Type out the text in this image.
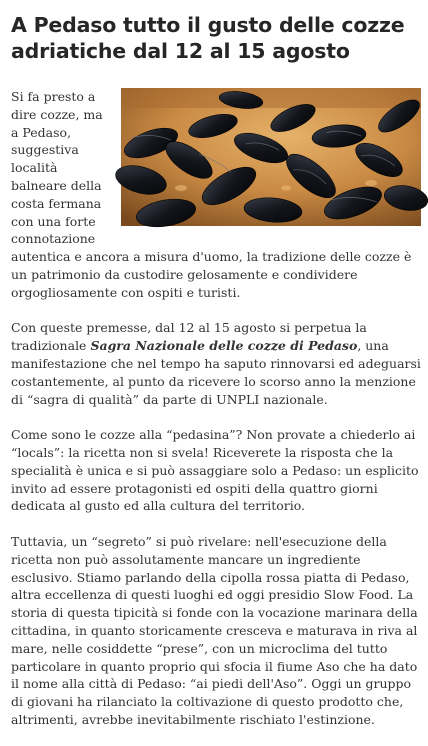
A Pedaso tutto il gusto delle cozze adriatiche dal 12 al 15 agosto

Si fa presto a dire cozze, ma a Pedaso, suggestiva località balneare della costa fermana con una forte connotazione autentica e ancora a misura d'uomo, la tradizione delle cozze è un patrimonio da custodire gelosamente e condividere orgogliosamente con ospiti e turisti.

Con queste premesse, dal 12 al 15 agosto si perpetua la tradizionale Sagra Nazionale delle cozze di Pedaso, una manifestazione che nel tempo ha saputo rinnovarsi ed adeguarsi costantemente, al punto da ricevere lo scorso anno la menzione di “sagra di qualità” da parte di UNPLI nazionale.

Come sono le cozze alla “pedasina”? Non provate a chiederlo ai “locals”: la ricetta non si svela! Riceverete la risposta che la specialità è unica e si può assaggiare solo a Pedaso: un esplicito invito ad essere protagonisti ed ospiti della quattro giorni dedicata al gusto ed alla cultura del territorio.

Tuttavia, un “segreto” si può rivelare: nell'esecuzione della ricetta non può assolutamente mancare un ingrediente esclusivo. Stiamo parlando della cipolla rossa piatta di Pedaso, altra eccellenza di questi luoghi ed oggi presidio Slow Food. La storia di questa tipicità si fonde con la vocazione marinara della cittadina, in quanto storicamente cresceva e maturava in riva al mare, nelle cosiddette “prese”, con un microclima del tutto particolare in quanto proprio qui sfocia il fiume Aso che ha dato il nome alla città di Pedaso: “ai piedi dell'Aso”. Oggi un gruppo di giovani ha rilanciato la coltivazione di questo prodotto che, altrimenti, avrebbe inevitabilmente rischiato l'estinzione.
